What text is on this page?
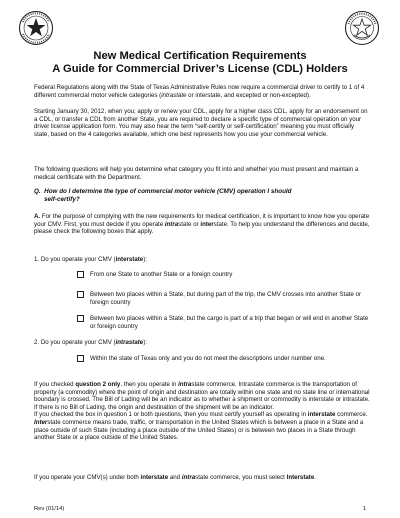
New Medical Certification Requirements
A Guide for Commercial Driver’s License (CDL) Holders
Federal Regulations along with the State of Texas Administrative Rules now require a commercial driver to certify to 1 of 4 different commercial motor vehicle categories (intrastate or interstate, and excepted or non-excepted).
Starting January 30, 2012, when you; apply or renew your CDL, apply for a higher class CDL, apply for an endorsement on a CDL, or transfer a CDL from another State, you are required to declare a specific type of commercial operation on your driver license application form. You may also hear the term “self-certify or self-certification” meaning you must officially state, based on the 4 categories available, which one best represents how you use your commercial vehicle.
The following questions will help you determine what category you fit into and whether you must present and maintain a medical certificate with the Department.
Q. How do I determine the type of commercial motor vehicle (CMV) operation I should
self-certify?
A. For the purpose of complying with the new requirements for medical certification, it is important to know how you operate your CMV. First, you must decide if you operate intrastate or interstate. To help you understand the differences and decide, please check the following boxes that apply.
1. Do you operate your CMV (interstate):
From one State to another State or a foreign country
Between two places within a State, but during part of the trip, the CMV crosses into another State or foreign country
Between two places within a State, but the cargo is part of a trip that began or will end in another State or foreign country
2. Do you operate your CMV (intrastate):
Within the state of Texas only and you do not meet the descriptions under number one.
If you checked question 2 only, then you operate in intrastate commerce. Intrastate commerce is the transportation of property (a commodity) where the point of origin and destination are totally within one state and no state line or international boundary is crossed. The Bill of Lading will be an indicator as to whether a shipment or commodity is interstate or intrastate. If there is no Bill of Lading, the origin and destination of the shipment will be an indicator.
If you checked the box in question 1 or both questions, then you must certify yourself as operating in interstate commerce. Interstate commerce means trade, traffic, or transportation in the United States which is between a place in a State and a place outside of such State (including a place outside of the United States) or is between two places in a State through another State or a place outside of the United States.
If you operate your CMV(s) under both interstate and intrastate commerce, you must select Interstate.
Rev (01/14)	1
